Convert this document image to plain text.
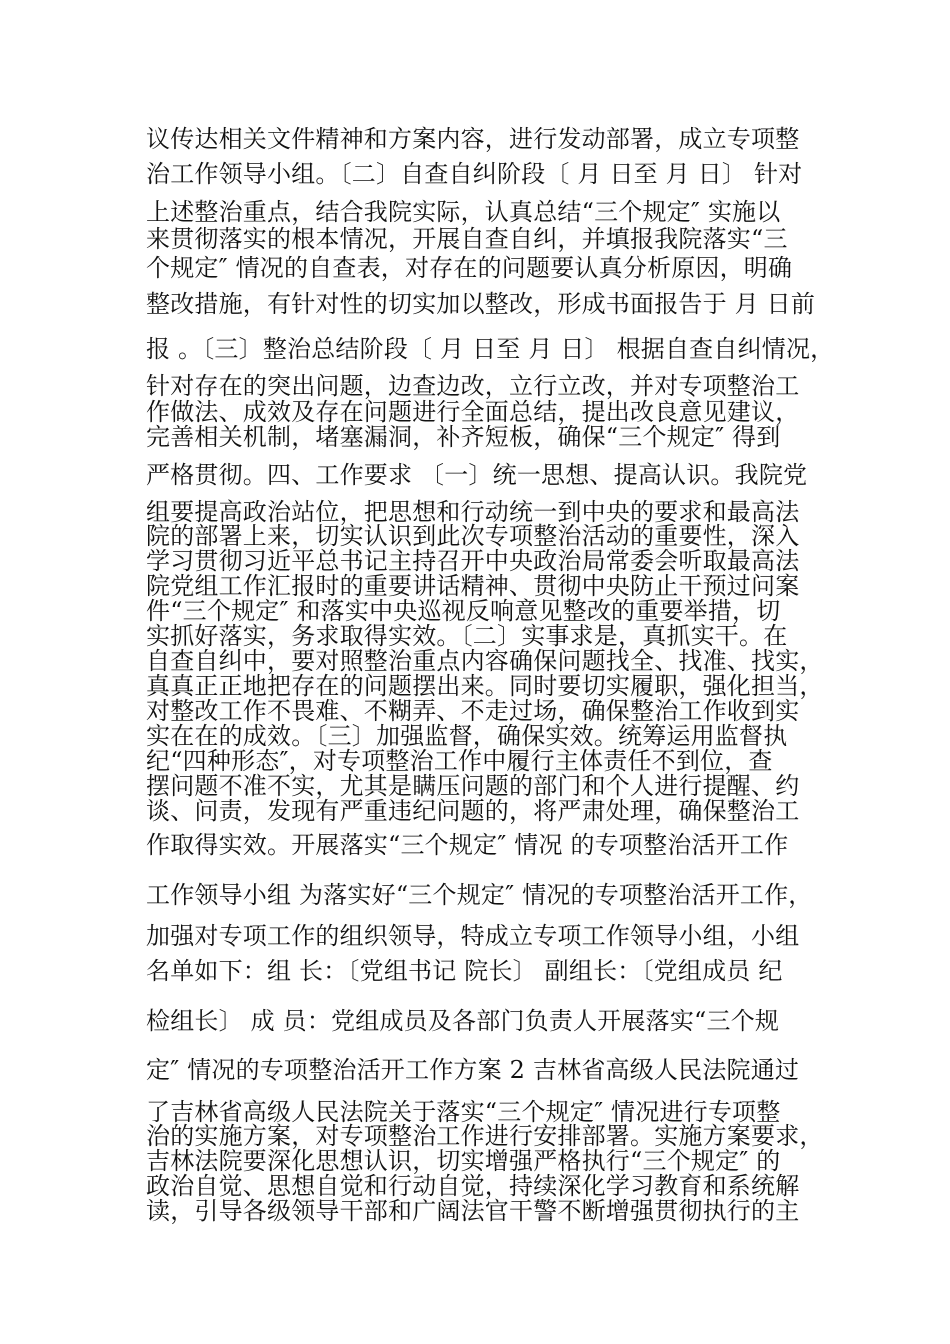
议传达相关文件精神和方案内容，进行发动部署，成立专项整
治工作领导小组。〔二〕自查自纠阶段〔 月 日至 月 日〕 针对
上述整治重点，结合我院实际，认真总结“三个规定″ 实施以
来贯彻落实的根本情况，开展自查自纠，并填报我院落实“三
个规定″ 情况的自查表，对存在的问题要认真分析原因，明确
整改措施，有针对性的切实加以整改，形成书面报告于 月 日前
报 。〔三〕整治总结阶段〔 月 日至 月 日〕 根据自查自纠情况，
针对存在的突出问题，边查边改，立行立改，并对专项整治工
作做法、成效及存在问题进行全面总结，提出改良意见建议，
完善相关机制，堵塞漏洞，补齐短板，确保“三个规定″ 得到
严格贯彻。四、工作要求 〔一〕统一思想、提高认识。我院党
组要提高政治站位，把思想和行动统一到中央的要求和最高法
院的部署上来，切实认识到此次专项整治活动的重要性，深入
学习贯彻习近平总书记主持召开中央政治局常委会听取最高法
院党组工作汇报时的重要讲话精神、贯彻中央防止干预过问案
件“三个规定″ 和落实中央巡视反响意见整改的重要举措，切
实抓好落实，务求取得实效。〔二〕实事求是，真抓实干。在
自查自纠中，要对照整治重点内容确保问题找全、找准、找实，
真真正正地把存在的问题摆出来。同时要切实履职，强化担当，
对整改工作不畏难、不糊弄、不走过场，确保整治工作收到实
实在在的成效。〔三〕加强监督，确保实效。统筹运用监督执
纪“四种形态″，对专项整治工作中履行主体责任不到位，查
摆问题不准不实，尤其是瞒压问题的部门和个人进行提醒、约
谈、问责，发现有严重违纪问题的，将严肃处理，确保整治工
作取得实效。开展落实“三个规定″ 情况 的专项整治活开工作
工作领导小组 为落实好“三个规定″ 情况的专项整治活开工作，
加强对专项工作的组织领导，特成立专项工作领导小组，小组
名单如下：组 长：〔党组书记 院长〕 副组长：〔党组成员 纪
检组长〕 成 员：党组成员及各部门负责人开展落实“三个规
定″ 情况的专项整治活开工作方案 2 吉林省高级人民法院通过
了吉林省高级人民法院关于落实“三个规定″ 情况进行专项整
治的实施方案，对专项整治工作进行安排部署。实施方案要求，
吉林法院要深化思想认识，切实增强严格执行“三个规定″ 的
政治自觉、思想自觉和行动自觉，持续深化学习教育和系统解
读，引导各级领导干部和广阔法官干警不断增强贯彻执行的主
